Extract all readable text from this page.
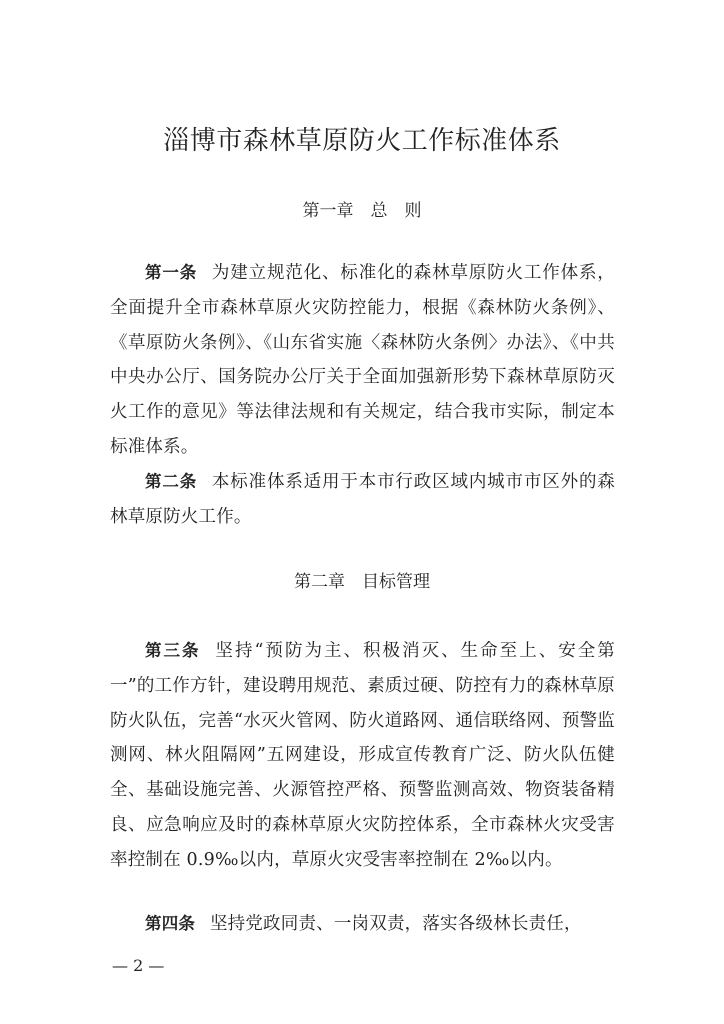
淄博市森林草原防火工作标准体系
第一章　总　则

第一条 为建立规范化、标准化的森林草原防火工作体系，全面提升全市森林草原火灾防控能力，根据《森林防火条例》、《草原防火条例》、《山东省实施〈森林防火条例〉办法》、《中共中央办公厅、国务院办公厅关于全面加强新形势下森林草原防灭火工作的意见》等法律法规和有关规定，结合我市实际，制定本标准体系。

第二条 本标准体系适用于本市行政区域内城市市区外的森林草原防火工作。

第二章　目标管理

第三条 坚持“预防为主、积极消灭、生命至上、安全第一”的工作方针，建设聘用规范、素质过硬、防控有力的森林草原防火队伍，完善“水灭火管网、防火道路网、通信联络网、预警监测网、林火阻隔网”五网建设，形成宣传教育广泛、防火队伍健全、基础设施完善、火源管控严格、预警监测高效、物资装备精良、应急响应及时的森林草原火灾防控体系，全市森林火灾受害率控制在 0.9‰以内，草原火灾受害率控制在 2‰以内。

第四条 坚持党政同责、一岗双责，落实各级林长责任，

— 2 —
